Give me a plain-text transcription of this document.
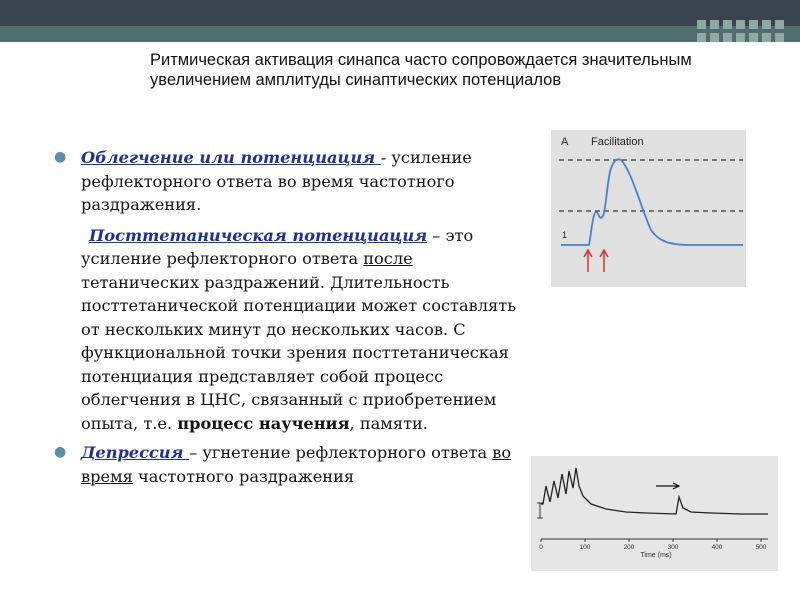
Ритмическая активация синапса часто сопровождается значительным увеличением амплитуды синаптических потенциалов
● Облегчение или потенциация - усиление рефлекторного ответа во время частотного раздражения.
Посттетаническая потенциация – это усиление рефлекторного ответа после тетанических раздражений. Длительность посттетанической потенциации может составлять от нескольких минут до нескольких часов. С функциональной точки зрения посттетаническая потенциация представляет собой процесс облегчения в ЦНС, связанный с приобретением опыта, т.е. процесс научения, памяти.
● Депрессия – угнетение рефлекторного ответа во время частотного раздражения
A Facilitation
1
0	100	200	300	400	500
Time (ms)
